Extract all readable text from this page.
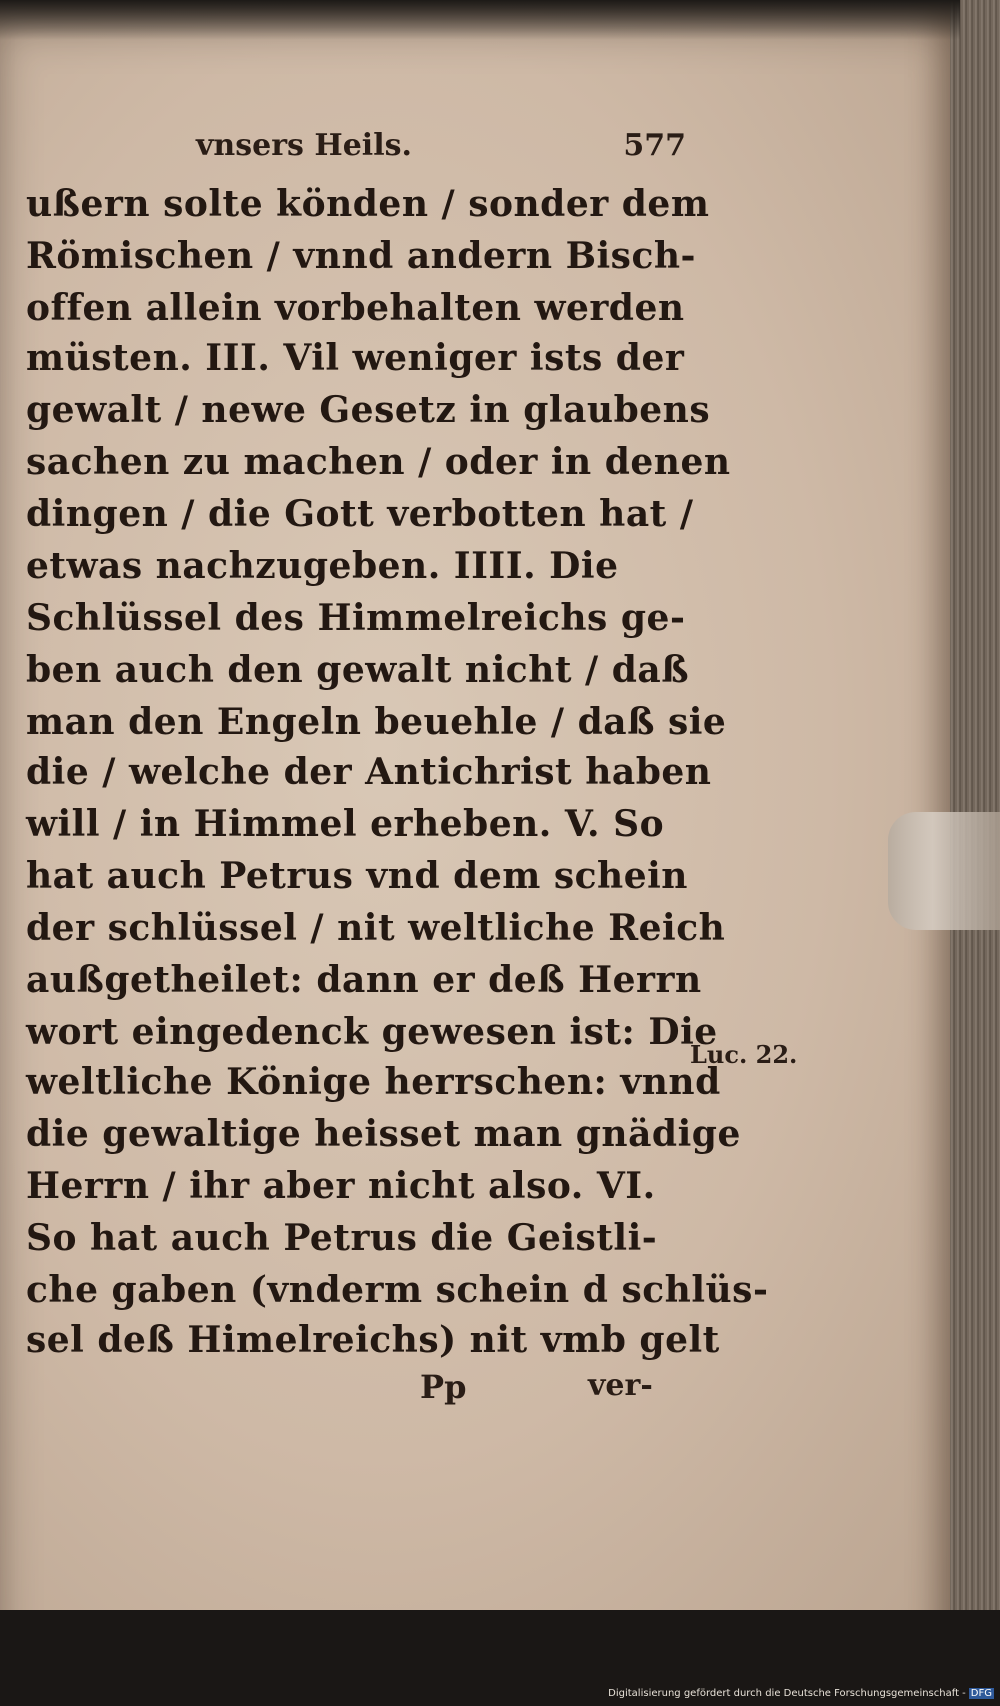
vnsers Heils.	577
ußern solte könden / sonder dem
Römischen / vnnd andern Bisch-
offen allein vorbehalten werden
müsten. III. Vil weniger ists der
gewalt / newe Gesetz in glaubens
sachen zu machen / oder in denen
dingen / die Gott verbotten hat /
etwas nachzugeben. IIII. Die
Schlüssel des Himmelreichs ge-
ben auch den gewalt nicht / daß
man den Engeln beuehle / daß sie
die / welche der Antichrist haben
will / in Himmel erheben. V. So
hat auch Petrus vnd dem schein
der schlüssel / nit weltliche Reich
außgetheilet: dann er deß Herrn
wort eingedenck gewesen ist: Die
weltliche Könige herrschen: vnnd
die gewaltige heisset man gnädige
Herrn / ihr aber nicht also. VI.
So hat auch Petrus die Geistli-
che gaben (vnderm schein d schlüs-
sel deß Himelreichs) nit vmb gelt
Luc. 22.
Pp	ver-
Digitalisierung gefördert durch die Deutsche Forschungsgemeinschaft - DFG
